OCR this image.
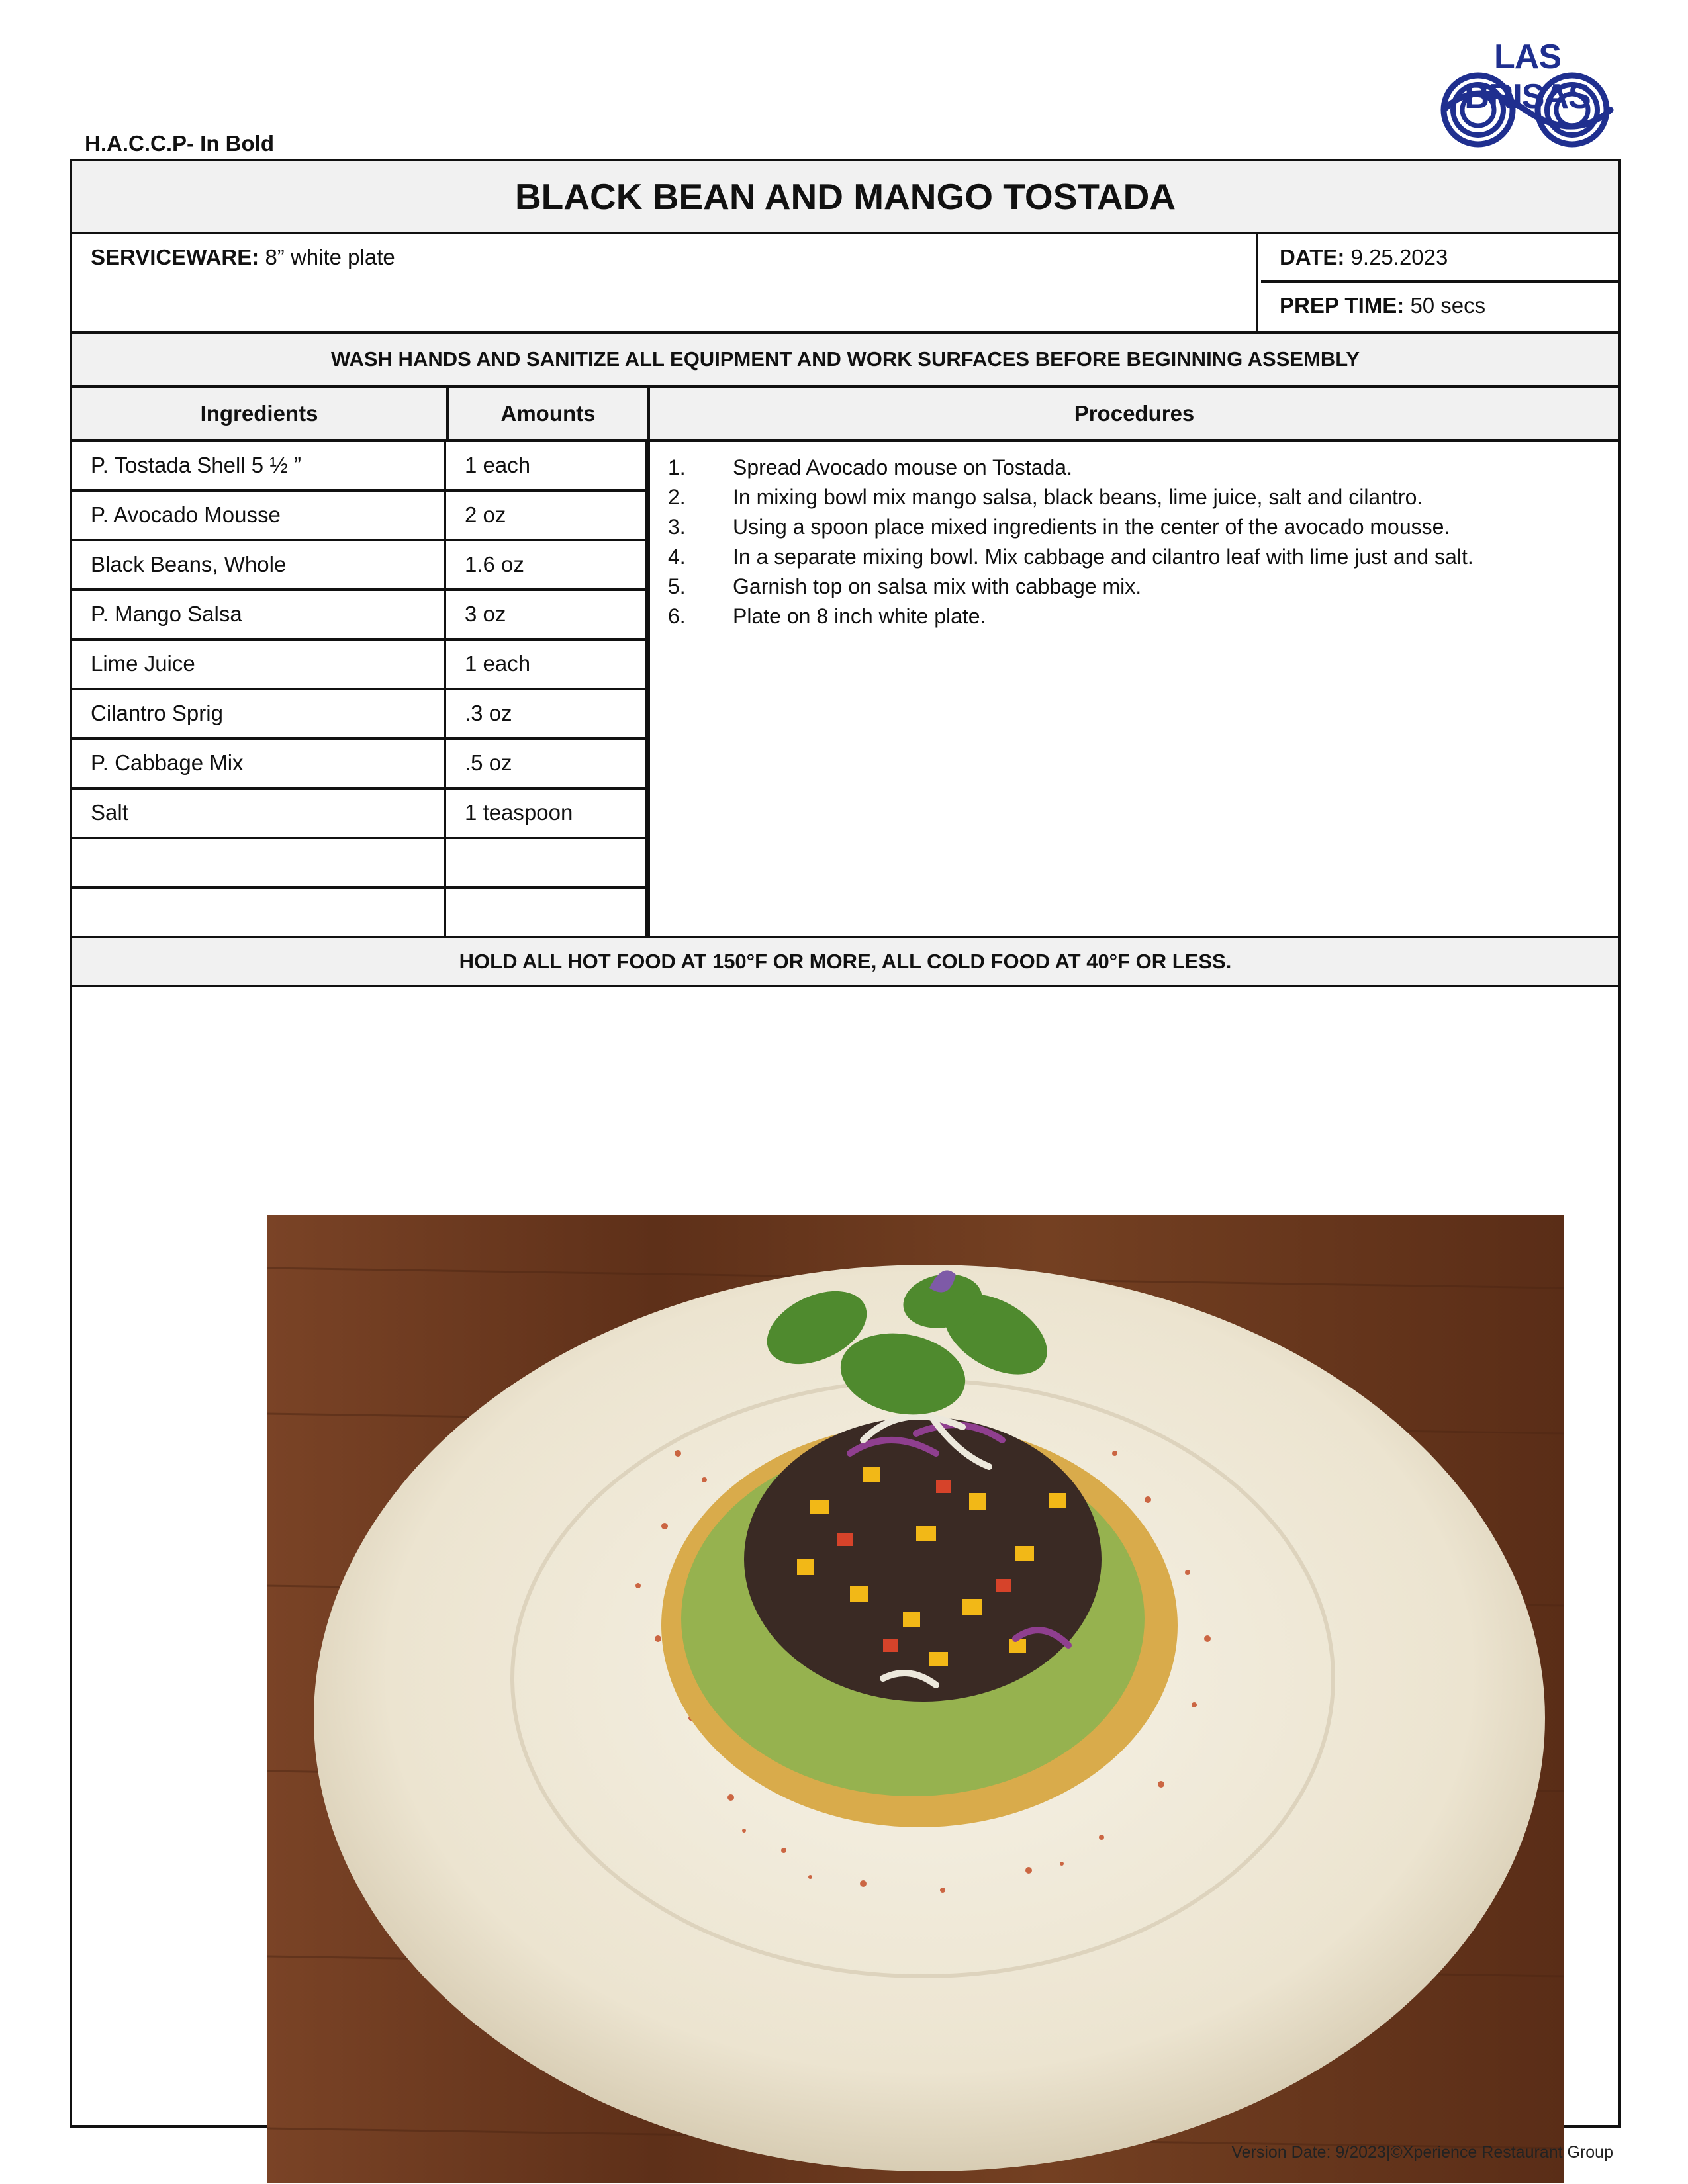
H.A.C.C.P- In Bold
LAS BRISAS
BLACK BEAN AND MANGO TOSTADA
SERVICEWARE: 8” white plate	DATE: 9.25.2023
PREP TIME: 50 secs
WASH HANDS AND SANITIZE ALL EQUIPMENT AND WORK SURFACES BEFORE BEGINNING ASSEMBLY
Ingredients	Amounts	Procedures
P. Tostada Shell 5 ½ ”	1 each
P. Avocado Mousse	2 oz
Black Beans, Whole	1.6 oz
P. Mango Salsa	3 oz
Lime Juice	1 each
Cilantro Sprig	.3 oz
P. Cabbage Mix	.5 oz
Salt	1 teaspoon
1.	Spread Avocado mouse on Tostada.
2.	In mixing bowl mix mango salsa, black beans, lime juice, salt and cilantro.
3.	Using a spoon place mixed ingredients in the center of the avocado mousse.
4.	In a separate mixing bowl. Mix cabbage and cilantro leaf with lime just and salt.
5.	Garnish top on salsa mix with cabbage mix.
6.	Plate on 8 inch white plate.
HOLD ALL HOT FOOD AT 150°F OR MORE, ALL COLD FOOD AT 40°F OR LESS.
Version Date: 9/2023|©Xperience Restaurant Group
